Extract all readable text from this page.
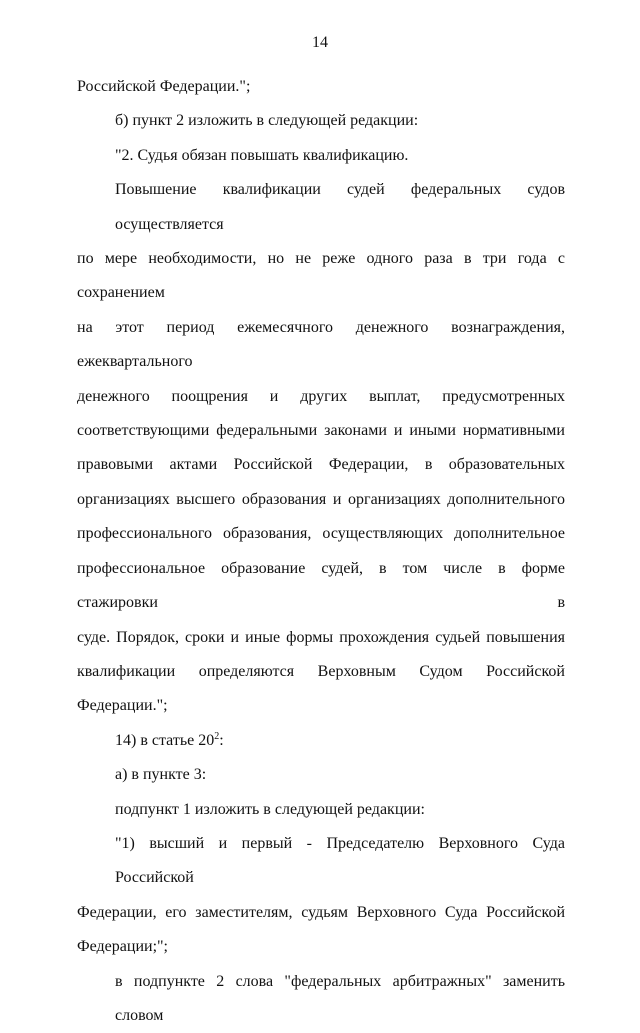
14
Российской Федерации.";
б) пункт 2 изложить в следующей редакции:
"2. Судья обязан повышать квалификацию.
Повышение квалификации судей федеральных судов осуществляется
по мере необходимости, но не реже одного раза в три года с сохранением
на этот период ежемесячного денежного вознаграждения, ежеквартального
денежного поощрения и других выплат, предусмотренных
соответствующими федеральными законами и иными нормативными
правовыми актами Российской Федерации, в образовательных
организациях высшего образования и организациях дополнительного
профессионального образования, осуществляющих дополнительное
профессиональное образование судей, в том числе в форме стажировки в
суде. Порядок, сроки и иные формы прохождения судьей повышения
квалификации определяются Верховным Судом Российской Федерации.";
14) в статье $20^2$:
а) в пункте 3:
подпункт 1 изложить в следующей редакции:
"1) высший и первый - Председателю Верховного Суда Российской
Федерации, его заместителям, судьям Верховного Суда Российской
Федерации;";
в подпункте 2 слова "федеральных арбитражных" заменить словом
